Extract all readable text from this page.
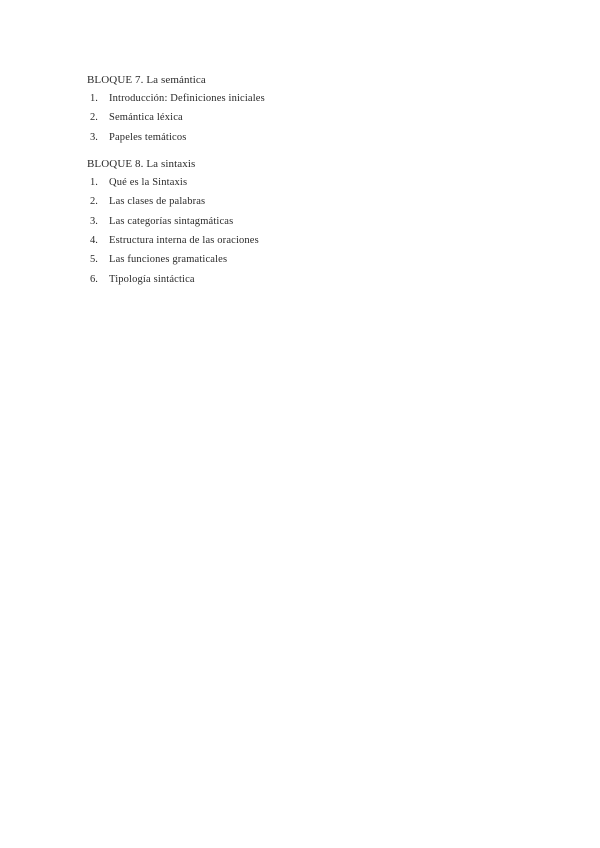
BLOQUE 7. La semántica
1.	Introducción: Definiciones iniciales
2.	Semántica léxica
3.	Papeles temáticos
BLOQUE 8. La sintaxis
1.	Qué es la Sintaxis
2.	Las clases de palabras
3.	Las categorías sintagmáticas
4.	Estructura interna de las oraciones
5.	Las funciones gramaticales
6.	Tipología sintáctica
